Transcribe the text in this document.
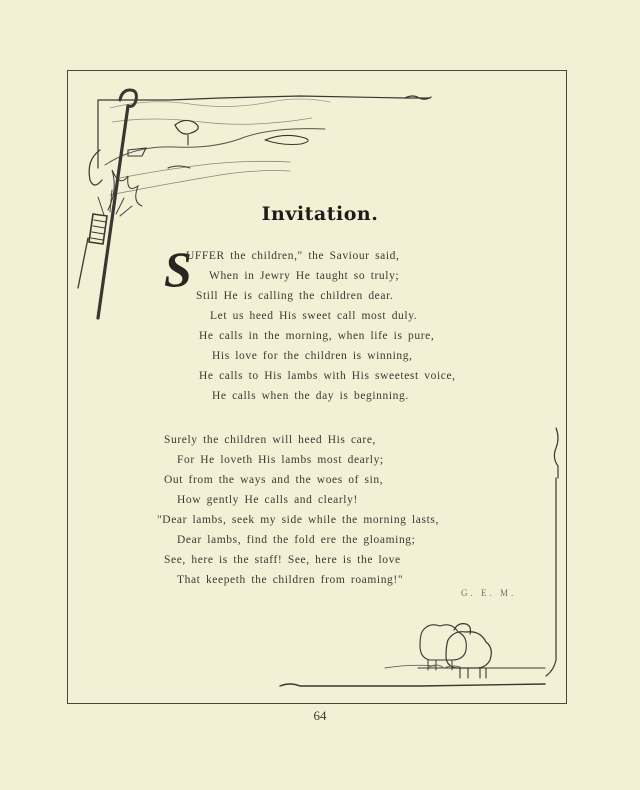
Invitation.
S
UFFER the children," the Saviour said,
When in Jewry He taught so truly;
Still He is calling the children dear.
Let us heed His sweet call most duly.
He calls in the morning, when life is pure,
His love for the children is winning,
He calls to His lambs with His sweetest voice,
He calls when the day is beginning.
Surely the children will heed His care,
For He loveth His lambs most dearly;
Out from the ways and the woes of sin,
How gently He calls and clearly!
"Dear lambs, seek my side while the morning lasts,
Dear lambs, find the fold ere the gloaming;
See, here is the staff! See, here is the love
That keepeth the children from roaming!"
G. E. M.
64
